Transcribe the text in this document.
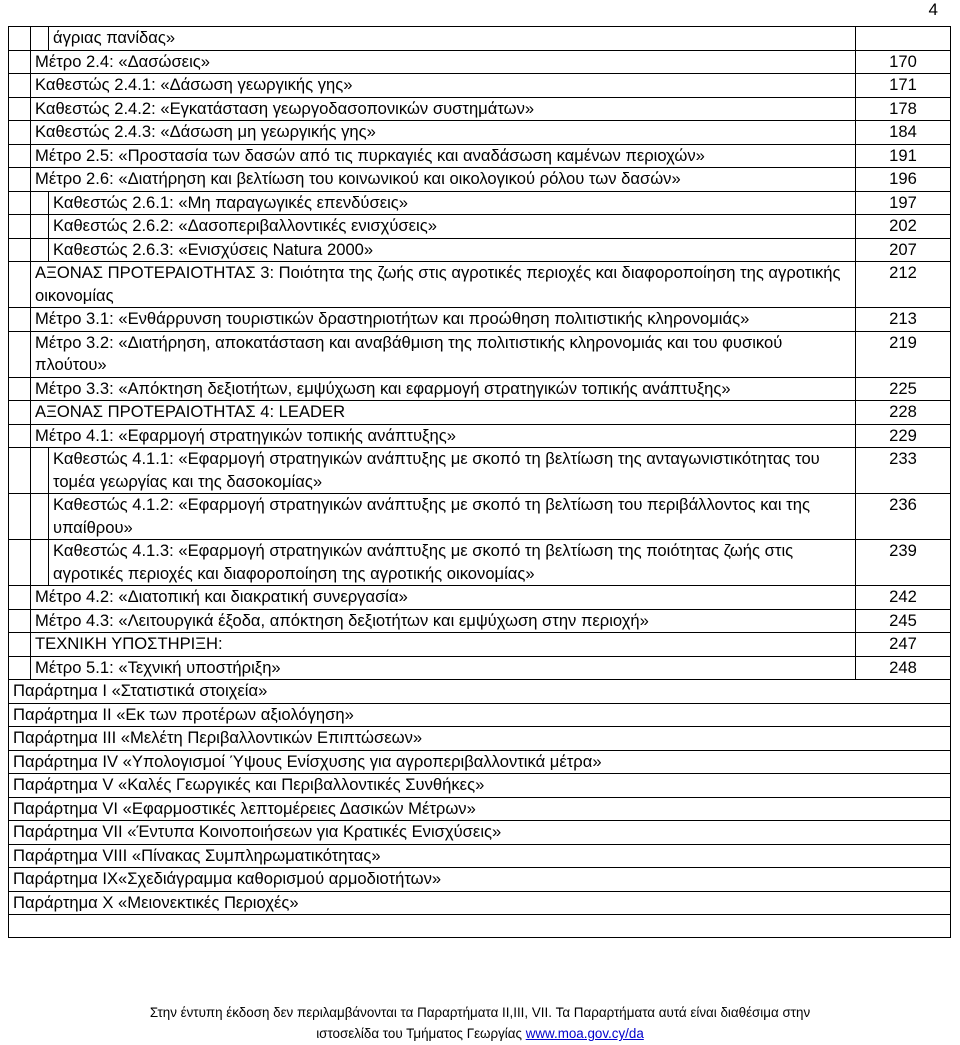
4
		άγριας πανίδας»	
	Μέτρο 2.4: «Δασώσεις»		170
	Καθεστώς 2.4.1: «Δάσωση γεωργικής γης»		171
	Καθεστώς 2.4.2: «Εγκατάσταση γεωργοδασοπονικών συστημάτων»		178
	Καθεστώς 2.4.3: «Δάσωση μη γεωργικής γης»		184
	Μέτρο 2.5: «Προστασία των δασών από τις πυρκαγιές και αναδάσωση καμένων περιοχών»		191
	Μέτρο 2.6: «Διατήρηση και βελτίωση του κοινωνικού και οικολογικού ρόλου των δασών»		196
		Καθεστώς 2.6.1: «Μη παραγωγικές επενδύσεις»	197
		Καθεστώς 2.6.2: «Δασοπεριβαλλοντικές ενισχύσεις»	202
		Καθεστώς 2.6.3: «Ενισχύσεις Natura 2000»	207
	ΑΞΟΝΑΣ ΠΡΟΤΕΡΑΙΟΤΗΤΑΣ 3: Ποιότητα της ζωής στις αγροτικές περιοχές και διαφοροποίηση της αγροτικής οικονομίας		212
	Μέτρο 3.1: «Ενθάρρυνση τουριστικών δραστηριοτήτων και προώθηση πολιτιστικής κληρονομιάς»		213
	Μέτρο 3.2: «Διατήρηση, αποκατάσταση και αναβάθμιση της πολιτιστικής κληρονομιάς και του φυσικού πλούτου»		219
	Μέτρο 3.3: «Απόκτηση δεξιοτήτων, εμψύχωση και εφαρμογή στρατηγικών τοπικής ανάπτυξης»		225
	ΑΞΟΝΑΣ ΠΡΟΤΕΡΑΙΟΤΗΤΑΣ 4: LEADER		228
	Μέτρο 4.1: «Εφαρμογή στρατηγικών τοπικής ανάπτυξης»		229
		Καθεστώς 4.1.1: «Εφαρμογή στρατηγικών ανάπτυξης με σκοπό τη βελτίωση της ανταγωνιστικότητας του τομέα γεωργίας και της δασοκομίας»	233
		Καθεστώς 4.1.2: «Εφαρμογή στρατηγικών ανάπτυξης με σκοπό τη βελτίωση του περιβάλλοντος και της υπαίθρου»	236
		Καθεστώς 4.1.3: «Εφαρμογή στρατηγικών ανάπτυξης με σκοπό τη βελτίωση της ποιότητας ζωής στις αγροτικές περιοχές και διαφοροποίηση της αγροτικής οικονομίας»	239
	Μέτρο 4.2: «Διατοπική και διακρατική συνεργασία»		242
	Μέτρο 4.3: «Λειτουργικά έξοδα, απόκτηση δεξιοτήτων και εμψύχωση στην περιοχή»		245
	ΤΕΧΝΙΚΗ ΥΠΟΣΤΗΡΙΞΗ:		247
	Μέτρο 5.1: «Τεχνική υποστήριξη»		248
Παράρτημα Ι «Στατιστικά στοιχεία»			
Παράρτημα ΙΙ «Εκ των προτέρων αξιολόγηση»			
Παράρτημα ΙΙΙ «Μελέτη Περιβαλλοντικών Επιπτώσεων»			
Παράρτημα IV «Υπολογισμοί Ύψους Ενίσχυσης για αγροπεριβαλλοντικά μέτρα»			
Παράρτημα V «Καλές Γεωργικές και Περιβαλλοντικές Συνθήκες»			
Παράρτημα VI «Εφαρμοστικές λεπτομέρειες Δασικών Μέτρων»			
Παράρτημα VII «Έντυπα Κοινοποιήσεων για Κρατικές Ενισχύσεις»			
Παράρτημα VIII «Πίνακας Συμπληρωματικότητας»			
Παράρτημα IX«Σχεδιάγραμμα καθορισμού αρμοδιοτήτων»			
Παράρτημα Χ «Μειονεκτικές Περιοχές»			

Στην έντυπη έκδοση δεν περιλαμβάνονται τα Παραρτήματα ΙΙ,ΙΙΙ, VII. Τα Παραρτήματα αυτά είναι διαθέσιμα στην
ιστοσελίδα του Τμήματος Γεωργίας www.moa.gov.cy/da
